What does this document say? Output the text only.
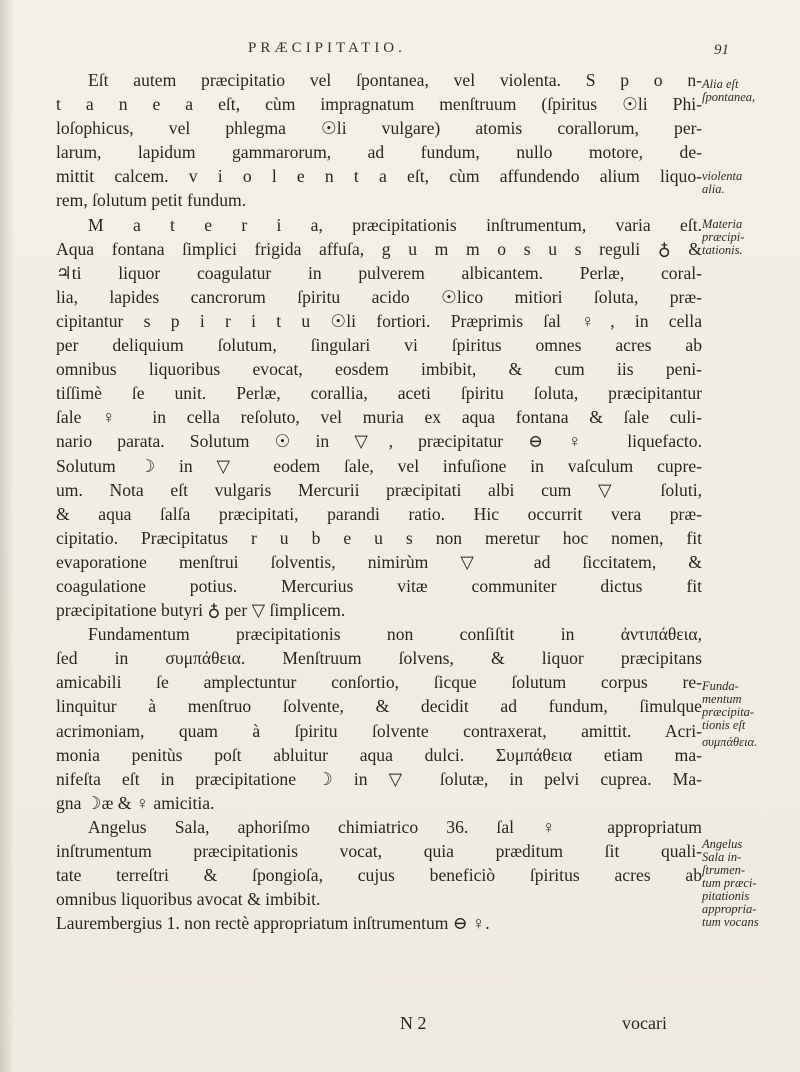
PRÆCIPITATIO.	91
Eſt autem præcipitatio vel ſpontanea, vel violenta. S p o n-
t a n e a eſt, cùm impragnatum menſtruum (ſpiritus ☉li Phi-
loſophicus, vel phlegma ☉li vulgare) atomis corallorum, per-
larum, lapidum gammarorum, ad fundum, nullo motore, de-
mittit calcem. v i o l e n t a eſt, cùm affundendo alium liquo-
rem, ſolutum petit fundum.
M a t e r i a, præcipitationis inſtrumentum, varia eſt.
Aqua fontana ſimplici frigida affuſa, g u m m o s u s reguli ♁ &
♃ti liquor coagulatur in pulverem albicantem. Perlæ, coral-
lia, lapides cancrorum ſpiritu acido ☉lico mitiori ſoluta, præ-
cipitantur s p i r i t u ☉li fortiori. Præprimis ſal ♀, in cella
per deliquium ſolutum, ſingulari vi ſpiritus omnes acres ab
omnibus liquoribus evocat, eosdem imbibit, & cum iis peni-
tiſſimè ſe unit. Perlæ, corallia, aceti ſpiritu ſoluta, præcipitantur
ſale ♀ in cella reſoluto, vel muria ex aqua fontana & ſale culi-
nario parata. Solutum ☉ in ▽, præcipitatur ⊖ ♀ liquefacto.
Solutum ☽ in ▽ eodem ſale, vel infuſione in vaſculum cupre-
um. Nota eſt vulgaris Mercurii præcipitati albi cum ▽ ſoluti,
& aqua ſalſa præcipitati, parandi ratio. Hic occurrit vera præ-
cipitatio. Præcipitatus r u b e u s non meretur hoc nomen, fit
evaporatione menſtrui ſolventis, nimirùm ▽ ad ſiccitatem, &
coagulatione potius. Mercurius vitæ communiter dictus fit
præcipitatione butyri ♁ per ▽ ſimplicem.
Fundamentum præcipitationis non conſiſtit in ἀντιπάθεια,
ſed in συμπάθεια. Menſtruum ſolvens, & liquor præcipitans
amicabili ſe amplectuntur conſortio, ſicque ſolutum corpus re-
linquitur à menſtruo ſolvente, & decidit ad fundum, ſimulque
acrimoniam, quam à ſpiritu ſolvente contraxerat, amittit. Acri-
monia penitùs poſt abluitur aqua dulci. Συμπάθεια etiam ma-
nifeſta eſt in præcipitatione ☽ in ▽ ſolutæ, in pelvi cuprea. Ma-
gna ☽æ & ♀ amicitia.
Angelus Sala, aphoriſmo chimiatrico 36. ſal ♀ appropriatum
inſtrumentum præcipitationis vocat, quia præditum ſit quali-
tate terreſtri & ſpongioſa, cujus beneficiò ſpiritus acres ab
omnibus liquoribus avocat & imbibit.
Laurembergius 1. non rectè appropriatum inſtrumentum ⊖ ♀.
Alia eſt
ſpontanea,
violenta
alia.
Materia
præcipi-
tationis.
Funda-
mentum
præcipita-
tionis eſt
συμπάθεια.
Angelus
Sala in-
ſtrumen-
tum præci-
pitationis
appropria-
tum vocans
N 2	vocari
